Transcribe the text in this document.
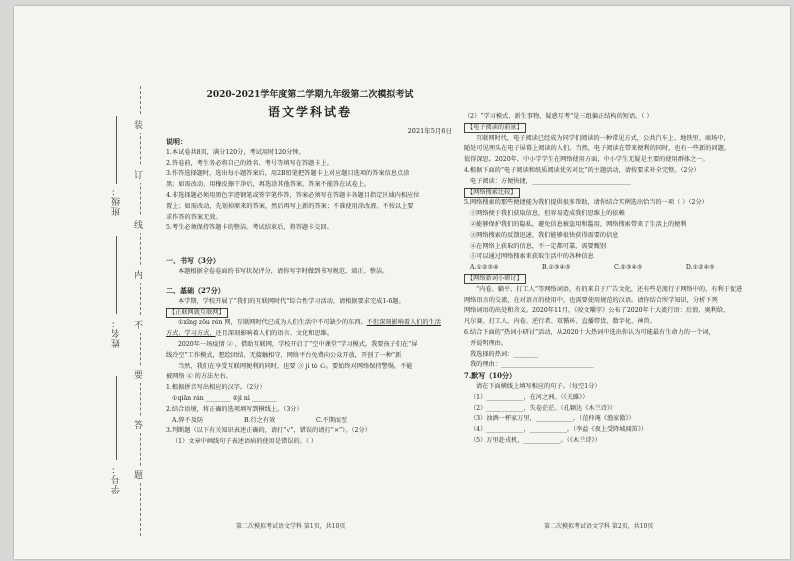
班级：
姓名：
学号：
装
订
线
内
不
要
答
题
2020-2021学年度第二学期九年级第二次模拟考试
语文学科试卷
2021年5月6日
说明：
1.本试卷共8页，满分120分，考试用时120分钟。
2.答卷前，考生务必将自己的姓名、考号等填写在答题卡上。
3.作答选择题时，选出每小题答案后，用2B铅笔把答题卡上对应题目选项的答案信息点涂
黑；如需改动，用橡皮擦干净后，再选涂其他答案，答案不能答在试卷上。
4.非选择题必须用黑色字迹钢笔或签字笔作答，答案必须写在答题卡各题目指定区域内相应位
置上；如需改动，先划掉原来的答案，然后再写上新的答案；不准使用涂改液。不按以上要
求作答的答案无效。
5.考生必须保持答题卡的整洁。考试结束后，将答题卡交回。
一、书写（3分）
本题根据全卷卷面的书写状况评分，请你写字时做到书写规范、端正、整洁。
二、基础（27分）
本学期，学校开展了“我们的互联网时代”综合性学习活动，请根据要求完成1-6题。
【正联网就互联网】
①xǐng zōu rén 网，互联网时代已成为人们生活中不可缺少的东西。不但深刻影响着人们的生活
方式、学习方式，还且深刻影响着人们的语言、文化和思维。
2020年一场疫情 ② ，借助互联网，学校开启了“空中课堂”学习模式。我要孩子们在“屏
线冷空”工作模式，想绘团结、无接触相守，网络平台免费向公众开放，开创了一种“新
当然，我们在享受互联网便利的同时，也要 ③ jì tè 心。要始终对网络保持警惕，不能
被网络 ④ 的方法左右。
1.根据拼音写出相应的汉字。（2分）
①qiān rán ________ ②jì nì ________
2.结合语境，将正确的选项填写到横线上。（3分）
A.猝不及防	B.行之有效	C.不期而至
3.判断题（以下有关知识表述正确的，请打“√”，错误的请打“×”）。（2分）
（1）文章中画线句子表述语病的使用是错误的。（ ）
第二次模拟考试语文学科 第1页，共10页
（2）“学习模式、新生事物、疑惑互考”是三组偏正结构的短语。（ ）
【电子阅读的前景】
互联网时代，电子阅读已经成为同学们阅读的一种常见方式，公共汽车上、地铁里、商场中，
随处可见埋头在电子屏幕上阅读的人们。当然，电子阅读在带来便利的同时，也有一些新的问题，
值得深思。2020年，中小学学生在网络使用方面，中小学生无疑是主要的使用群体之一。
4.根据下面的“电子阅读和纸质阅读优劣对比”的主题活动，请按要求补全完整。（2分）
电子阅读：方便快捷，________________________________
【网络搜索比较】
5.网络搜索的那些便捷能为我们提供很多帮助，请你结合实例选出恰当的一项（ ）（2分）
①网络便于我们获取信息，但容易造成我们思维上的依赖
②能够保护我们的隐私，避免信息被盗用和滥用，网络搜索带来了生活上的便利
③网络搜索的反馈迅速，我们能够很快获得需要的信息
④在网络上获取的信息，不一定都可靠，需要甄别
⑤可以通过网络搜索来获取生活中的各种信息
A.①②③④	B.①③④⑤	C.②③④⑤	D.①②④⑤
【网络新词小研讨】
“内卷、躺平、打工人”等网络词语，有的来自于广告文化，还有些是流行于网络中的，有利于促进
网络语言的交流，在对语言的使用中，也需要使用规范的汉语。请你结合所学知识，分析下列
网络词语的出处和含义。2020年11月，《咬文嚼字》公布了2020年十大流行语：后浪、奥利给、
凡尔赛、打工人、内卷、逆行者、双循环、直播带货、数字化、神兽。
6.结合下面的“热词小研讨”活动，从2020十大热词中选出你认为可能最有生命力的一个词，
并说明理由。
我选择的热词：________
我的理由：______________________________
7.默写（10分）
请在下面横线上填写相应的句子。（每空1分）
（1）____________，在河之洲。（《关雎》）
（2）____________，失卷茫茫。（孔颖达《木兰诗》）
（3）浊酒一杯家万里，____________。（范仲淹《渔家傲》）
（4）____________，____________。（李益《夜上受降城闻笛》）
（5）万里赴戎机，____________。（《木兰诗》）
第二次模拟考试语文学科 第2页，共10页
